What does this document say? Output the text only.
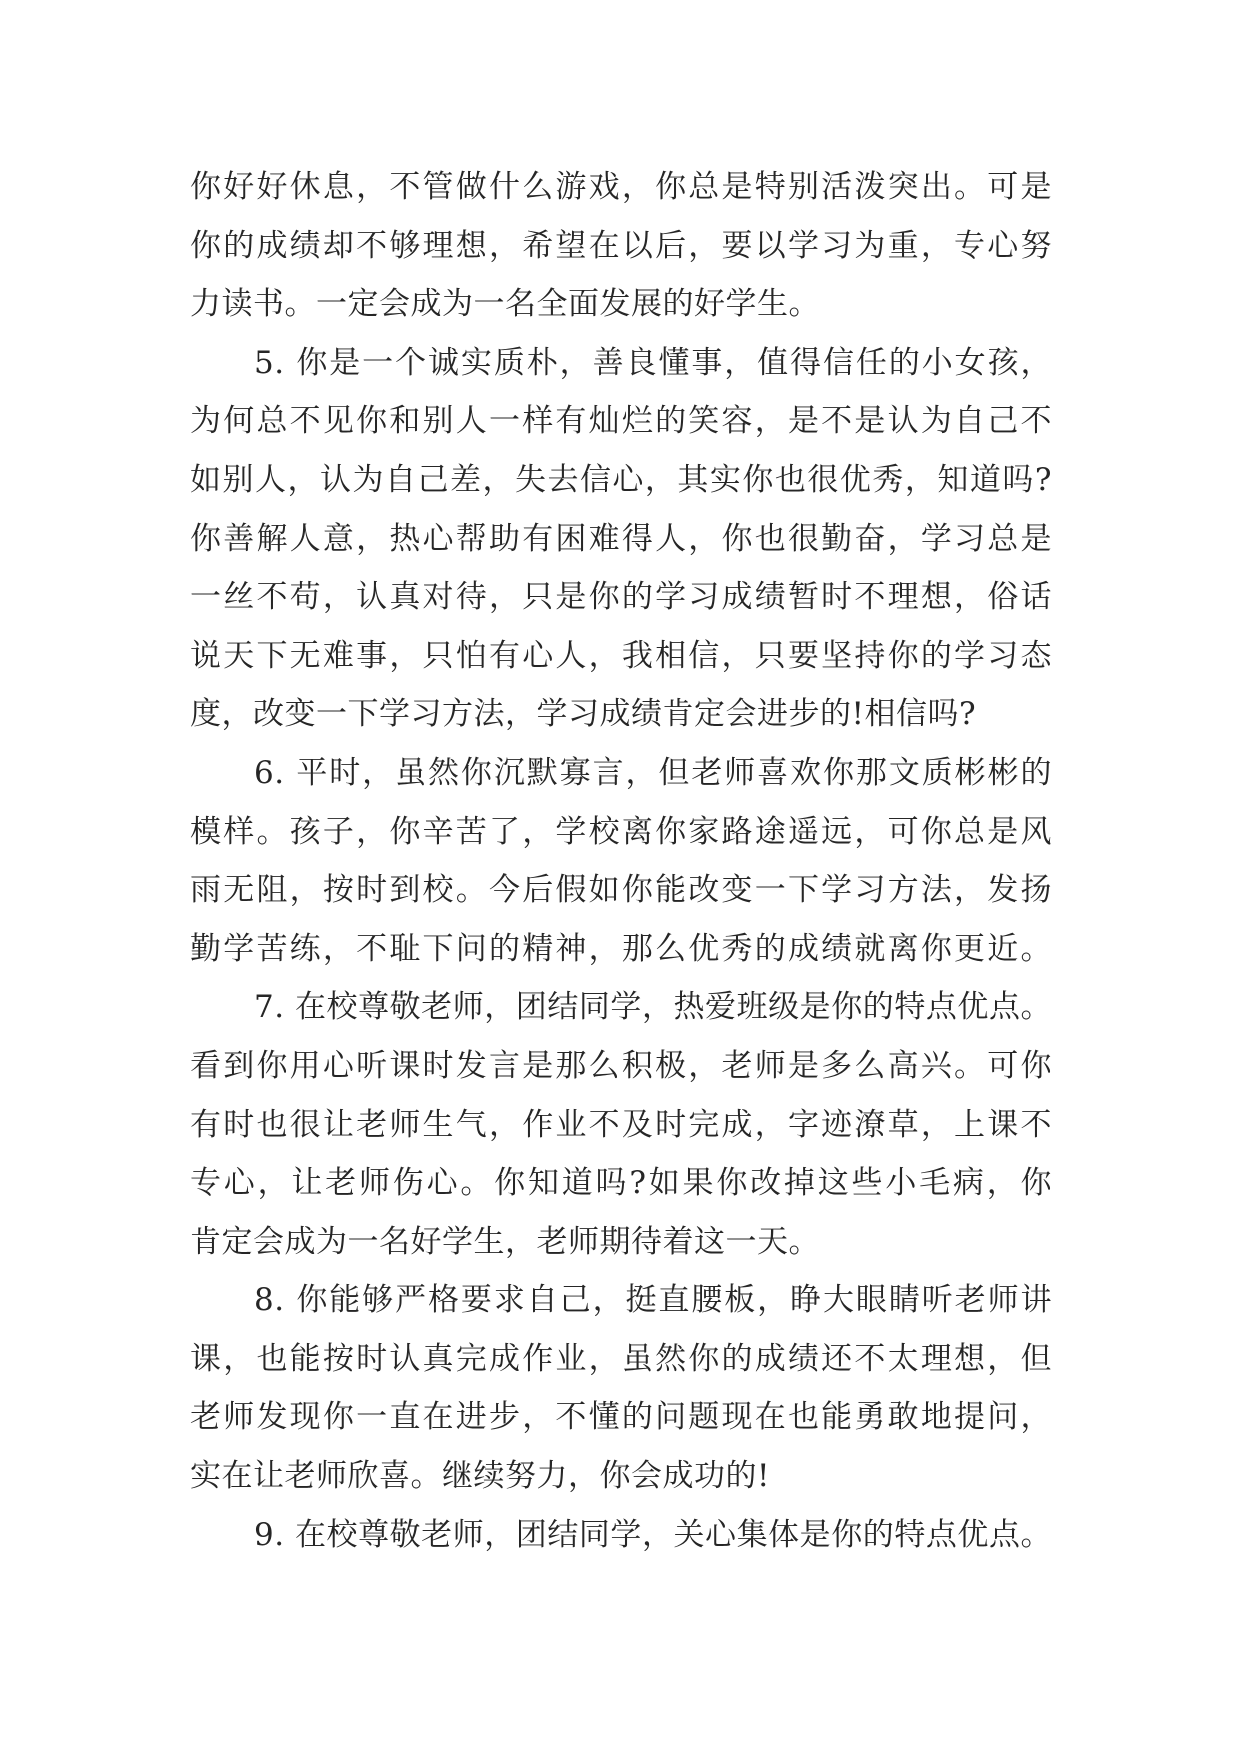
你好好休息，不管做什么游戏，你总是特别活泼突出。可是
你的成绩却不够理想，希望在以后，要以学习为重，专心努
力读书。一定会成为一名全面发展的好学生。
5. 你是一个诚实质朴，善良懂事，值得信任的小女孩，
为何总不见你和别人一样有灿烂的笑容，是不是认为自己不
如别人，认为自己差，失去信心，其实你也很优秀，知道吗?
你善解人意，热心帮助有困难得人，你也很勤奋，学习总是
一丝不苟，认真对待，只是你的学习成绩暂时不理想，俗话
说天下无难事，只怕有心人，我相信，只要坚持你的学习态
度，改变一下学习方法，学习成绩肯定会进步的!相信吗?
6. 平时，虽然你沉默寡言，但老师喜欢你那文质彬彬的
模样。孩子，你辛苦了，学校离你家路途遥远，可你总是风
雨无阻，按时到校。今后假如你能改变一下学习方法，发扬
勤学苦练，不耻下问的精神，那么优秀的成绩就离你更近。
7. 在校尊敬老师，团结同学，热爱班级是你的特点优点。
看到你用心听课时发言是那么积极，老师是多么高兴。可你
有时也很让老师生气，作业不及时完成，字迹潦草，上课不
专心，让老师伤心。你知道吗?如果你改掉这些小毛病，你
肯定会成为一名好学生，老师期待着这一天。
8. 你能够严格要求自己，挺直腰板，睁大眼睛听老师讲
课，也能按时认真完成作业，虽然你的成绩还不太理想，但
老师发现你一直在进步，不懂的问题现在也能勇敢地提问，
实在让老师欣喜。继续努力，你会成功的!
9. 在校尊敬老师，团结同学，关心集体是你的特点优点。
